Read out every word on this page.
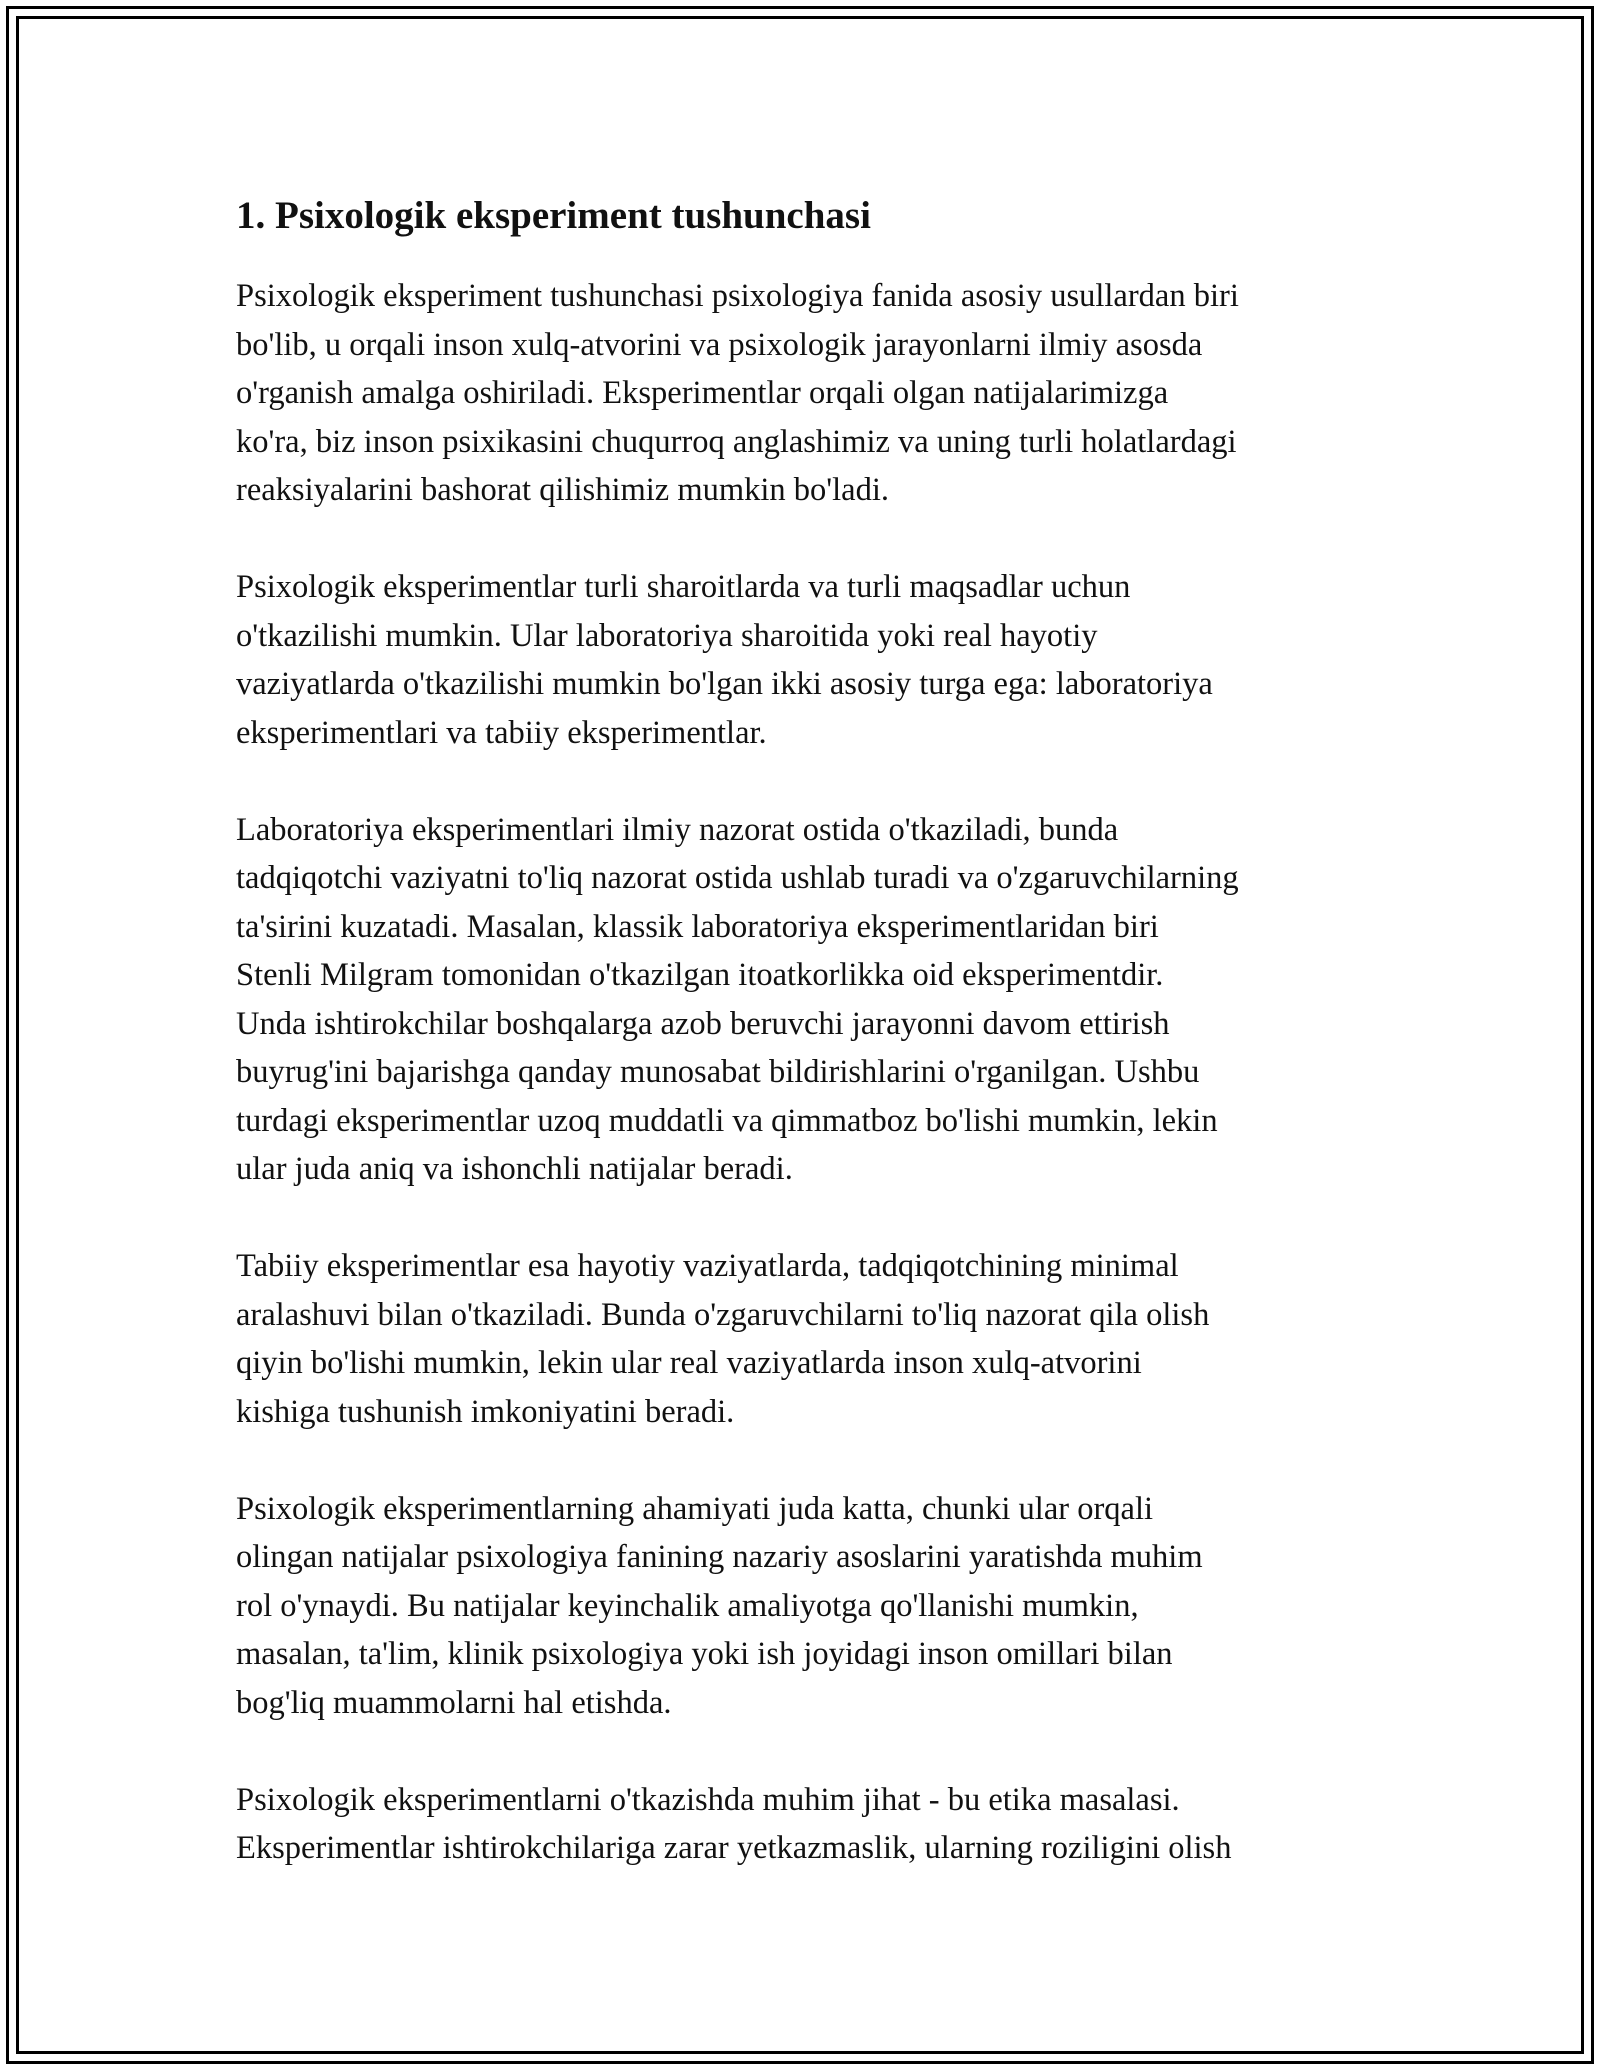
1. Psixologik eksperiment tushunchasi

Psixologik eksperiment tushunchasi psixologiya fanida asosiy usullardan biri
bo'lib, u orqali inson xulq-atvorini va psixologik jarayonlarni ilmiy asosda
o'rganish amalga oshiriladi. Eksperimentlar orqali olgan natijalarimizga
ko'ra, biz inson psixikasini chuqurroq anglashimiz va uning turli holatlardagi
reaksiyalarini bashorat qilishimiz mumkin bo'ladi.

Psixologik eksperimentlar turli sharoitlarda va turli maqsadlar uchun
o'tkazilishi mumkin. Ular laboratoriya sharoitida yoki real hayotiy
vaziyatlarda o'tkazilishi mumkin bo'lgan ikki asosiy turga ega: laboratoriya
eksperimentlari va tabiiy eksperimentlar.

Laboratoriya eksperimentlari ilmiy nazorat ostida o'tkaziladi, bunda
tadqiqotchi vaziyatni to'liq nazorat ostida ushlab turadi va o'zgaruvchilarning
ta'sirini kuzatadi. Masalan, klassik laboratoriya eksperimentlaridan biri
Stenli Milgram tomonidan o'tkazilgan itoatkorlikka oid eksperimentdir.
Unda ishtirokchilar boshqalarga azob beruvchi jarayonni davom ettirish
buyrug'ini bajarishga qanday munosabat bildirishlarini o'rganilgan. Ushbu
turdagi eksperimentlar uzoq muddatli va qimmatboz bo'lishi mumkin, lekin
ular juda aniq va ishonchli natijalar beradi.

Tabiiy eksperimentlar esa hayotiy vaziyatlarda, tadqiqotchining minimal
aralashuvi bilan o'tkaziladi. Bunda o'zgaruvchilarni to'liq nazorat qila olish
qiyin bo'lishi mumkin, lekin ular real vaziyatlarda inson xulq-atvorini
kishiga tushunish imkoniyatini beradi.

Psixologik eksperimentlarning ahamiyati juda katta, chunki ular orqali
olingan natijalar psixologiya fanining nazariy asoslarini yaratishda muhim
rol o'ynaydi. Bu natijalar keyinchalik amaliyotga qo'llanishi mumkin,
masalan, ta'lim, klinik psixologiya yoki ish joyidagi inson omillari bilan
bog'liq muammolarni hal etishda.

Psixologik eksperimentlarni o'tkazishda muhim jihat - bu etika masalasi.
Eksperimentlar ishtirokchilariga zarar yetkazmaslik, ularning roziligini olish
